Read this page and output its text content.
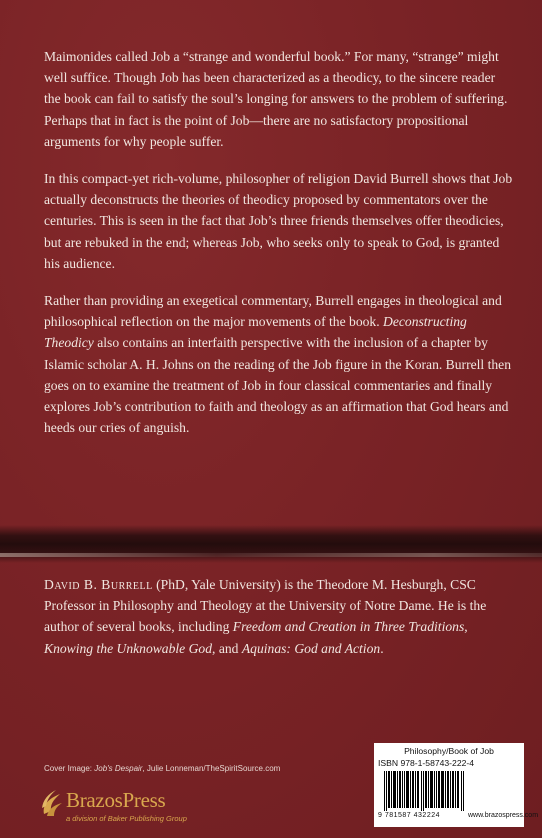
Maimonides called Job a “strange and wonderful book.” For many, “strange” might well suffice. Though Job has been characterized as a theodicy, to the sincere reader the book can fail to satisfy the soul’s longing for answers to the problem of suffering. Perhaps that in fact is the point of Job—there are no satisfactory propositional arguments for why people suffer.

In this compact-yet rich-volume, philosopher of religion David Burrell shows that Job actually deconstructs the theories of theodicy proposed by commentators over the centuries. This is seen in the fact that Job’s three friends themselves offer theodicies, but are rebuked in the end; whereas Job, who seeks only to speak to God, is granted his audience.

Rather than providing an exegetical commentary, Burrell engages in theological and philosophical reflection on the major movements of the book. Deconstructing Theodicy also contains an interfaith perspective with the inclusion of a chapter by Islamic scholar A. H. Johns on the reading of the Job figure in the Koran. Burrell then goes on to examine the treatment of Job in four classical commentaries and finally explores Job’s contribution to faith and theology as an affirmation that God hears and heeds our cries of anguish.

David B. Burrell (PhD, Yale University) is the Theodore M. Hesburgh, CSC Professor in Philosophy and Theology at the University of Notre Dame. He is the author of several books, including Freedom and Creation in Three Traditions, Knowing the Unknowable God, and Aquinas: God and Action.
Cover Image: Job's Despair, Julie Lonneman/TheSpiritSource.com
BrazosPress
a division of Baker Publishing Group
Philosophy/Book of Job
ISBN 978-1-58743-222-4
9 781587 432224	www.brazospress.com
